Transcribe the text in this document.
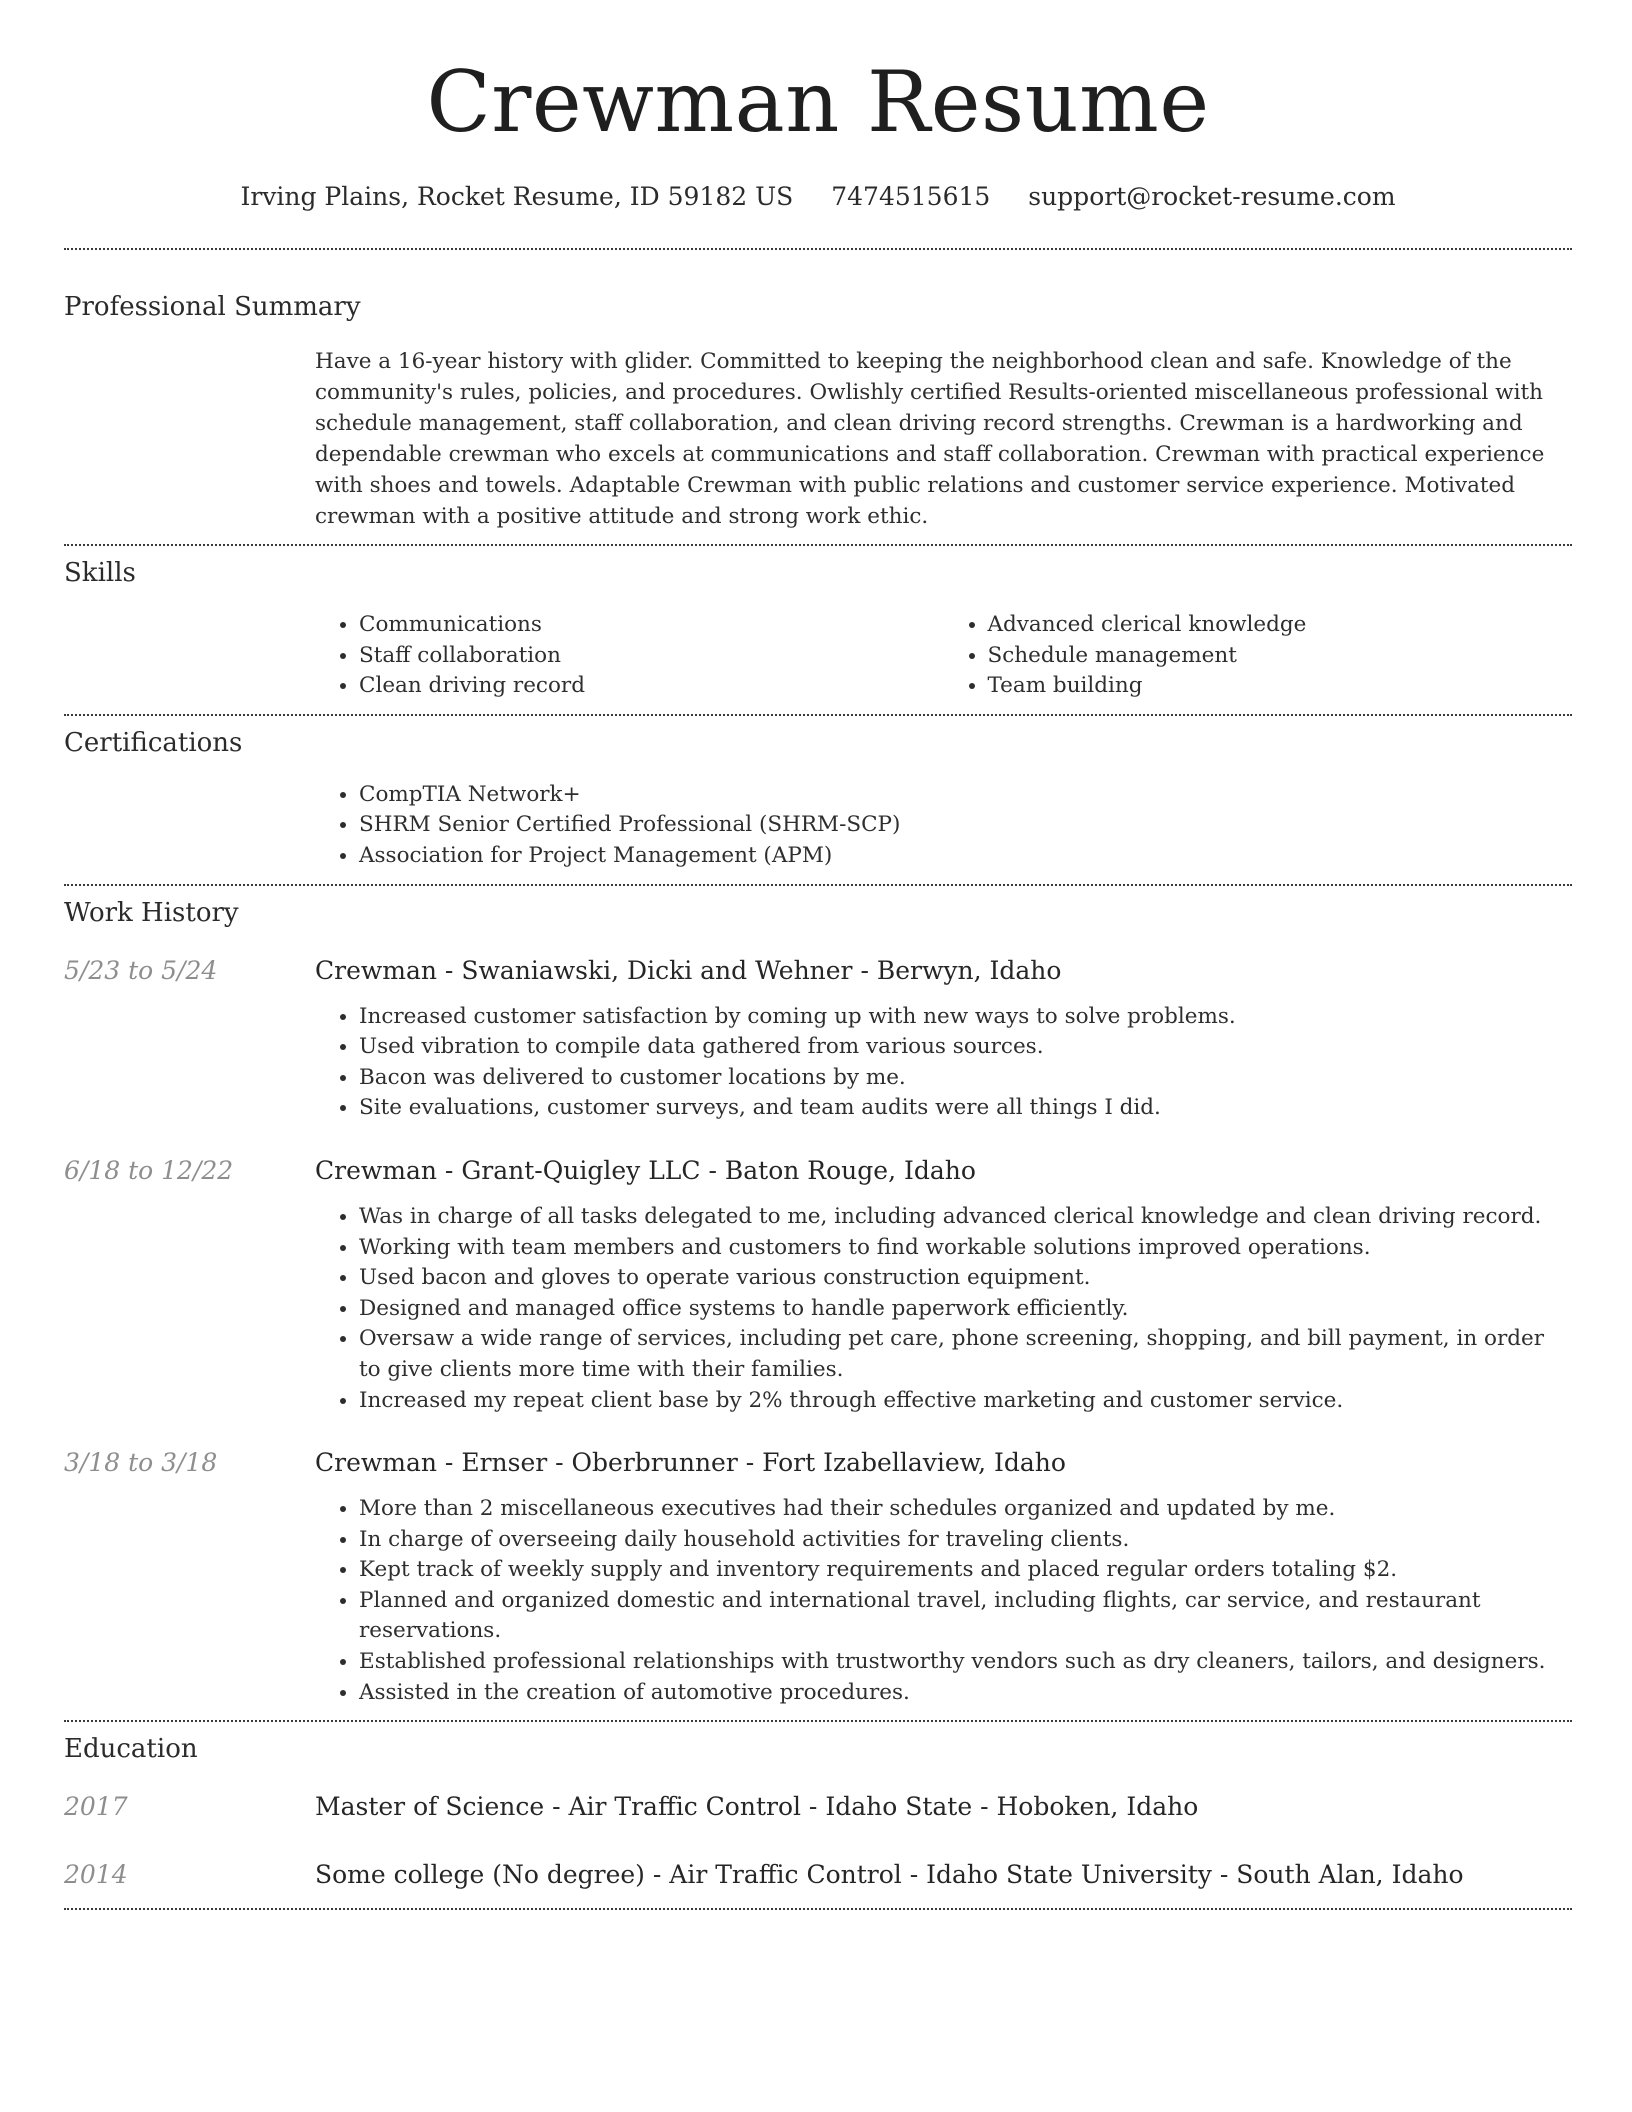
Crewman Resume
Irving Plains, Rocket Resume, ID 59182 US 7474515615 support@rocket-resume.com
Professional Summary

Have a 16-year history with glider. Committed to keeping the neighborhood clean and safe. Knowledge of the community's rules, policies, and procedures. Owlishly certified Results-oriented miscellaneous professional with schedule management, staff collaboration, and clean driving record strengths. Crewman is a hardworking and dependable crewman who excels at communications and staff collaboration. Crewman with practical experience with shoes and towels. Adaptable Crewman with public relations and customer service experience. Motivated crewman with a positive attitude and strong work ethic.

Skills
• Communications
• Staff collaboration
• Clean driving record
• Advanced clerical knowledge
• Schedule management
• Team building
Certifications
• CompTIA Network+
• SHRM Senior Certified Professional (SHRM-SCP)
• Association for Project Management (APM)
Work History
5/23 to 5/24	Crewman - Swaniawski, Dicki and Wehner - Berwyn, Idaho
• Increased customer satisfaction by coming up with new ways to solve problems.
• Used vibration to compile data gathered from various sources.
• Bacon was delivered to customer locations by me.
• Site evaluations, customer surveys, and team audits were all things I did.
6/18 to 12/22	Crewman - Grant-Quigley LLC - Baton Rouge, Idaho
• Was in charge of all tasks delegated to me, including advanced clerical knowledge and clean driving record.
• Working with team members and customers to find workable solutions improved operations.
• Used bacon and gloves to operate various construction equipment.
• Designed and managed office systems to handle paperwork efficiently.
• Oversaw a wide range of services, including pet care, phone screening, shopping, and bill payment, in order to give clients more time with their families.
• Increased my repeat client base by 2% through effective marketing and customer service.
3/18 to 3/18	Crewman - Ernser - Oberbrunner - Fort Izabellaview, Idaho
• More than 2 miscellaneous executives had their schedules organized and updated by me.
• In charge of overseeing daily household activities for traveling clients.
• Kept track of weekly supply and inventory requirements and placed regular orders totaling $2.
• Planned and organized domestic and international travel, including flights, car service, and restaurant reservations.
• Established professional relationships with trustworthy vendors such as dry cleaners, tailors, and designers.
• Assisted in the creation of automotive procedures.
Education
2017	Master of Science - Air Traffic Control - Idaho State - Hoboken, Idaho
2014	Some college (No degree) - Air Traffic Control - Idaho State University - South Alan, Idaho
